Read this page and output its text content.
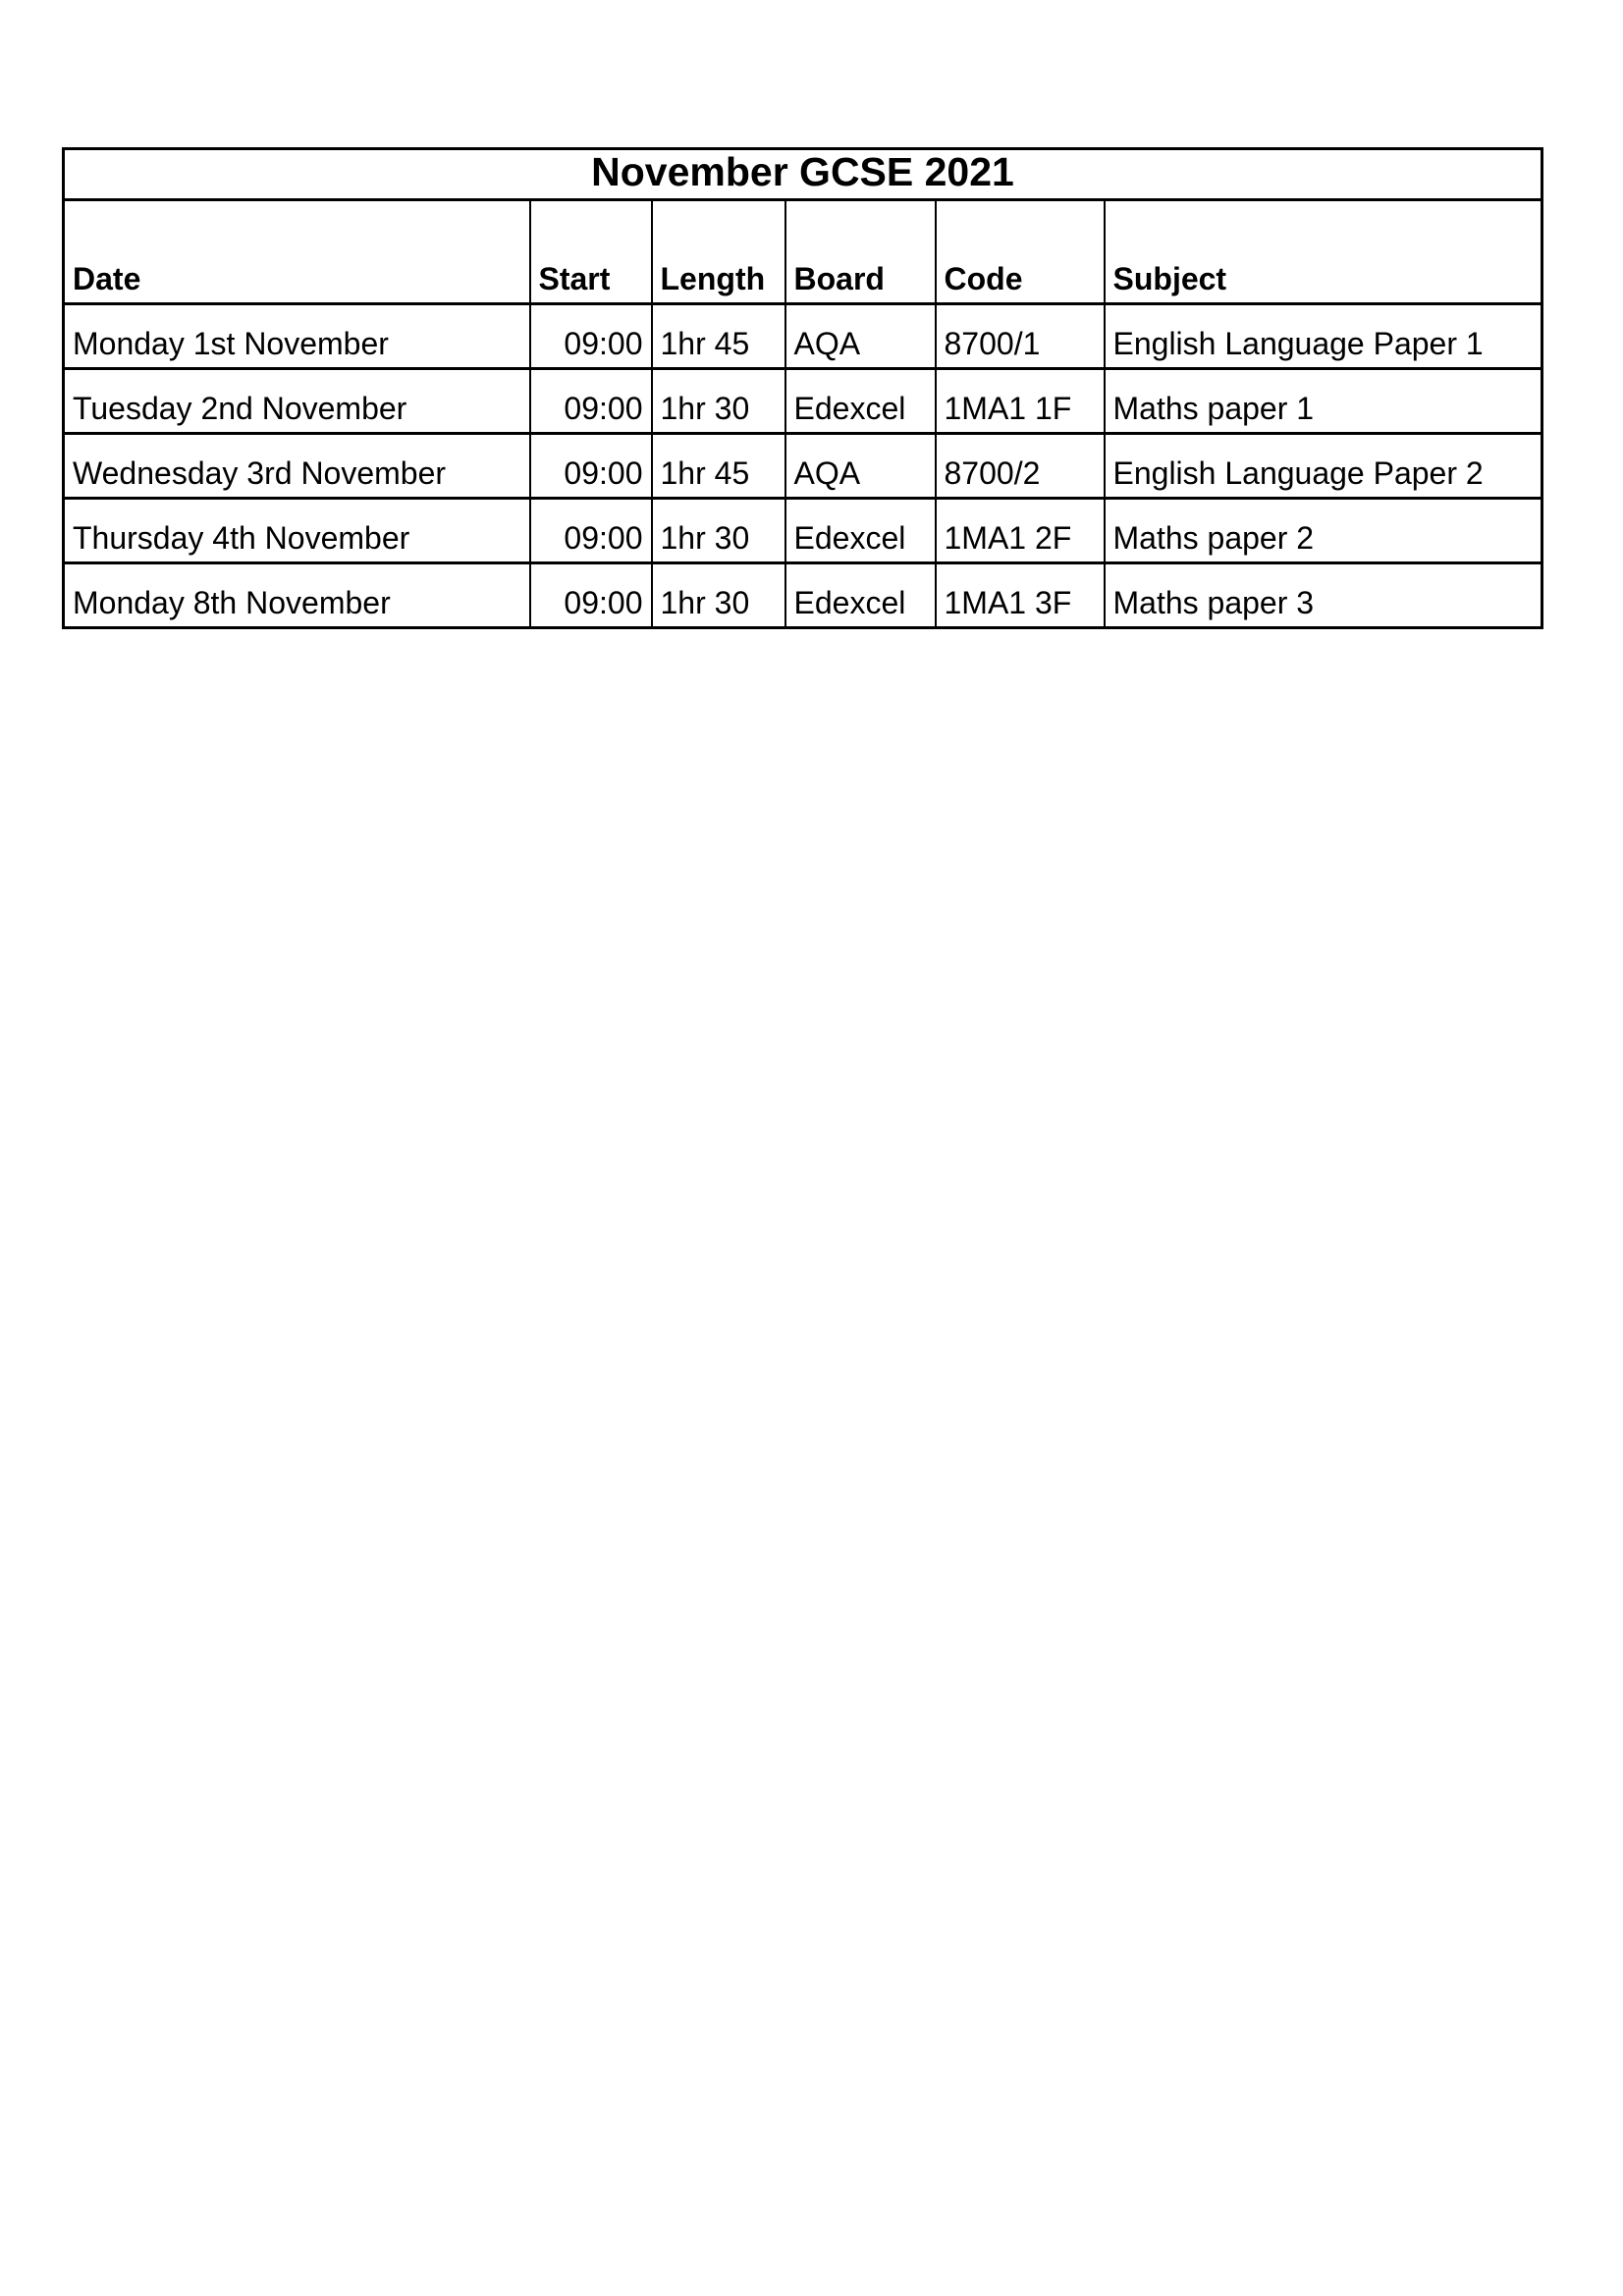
November GCSE 2021					
Date	Start	Length	Board	Code	Subject
Monday 1st November	09:00	1hr 45	AQA	8700/1	English Language Paper 1
Tuesday 2nd November	09:00	1hr 30	Edexcel	1MA1 1F	Maths paper 1
Wednesday 3rd November	09:00	1hr 45	AQA	8700/2	English Language Paper 2
Thursday 4th November	09:00	1hr 30	Edexcel	1MA1 2F	Maths paper 2
Monday 8th November	09:00	1hr 30	Edexcel	1MA1 3F	Maths paper 3
